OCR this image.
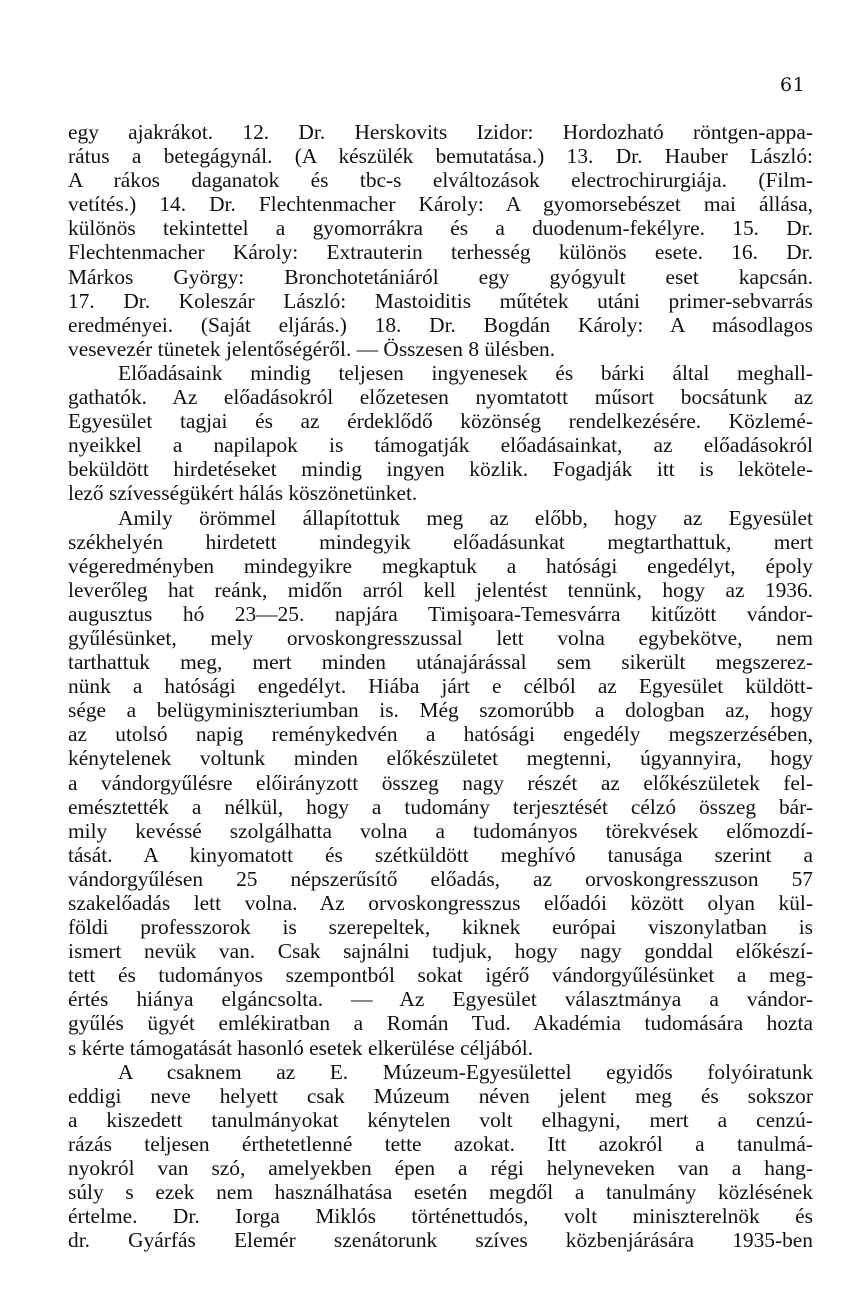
61
egy ajakrákot. 12. Dr. Herskovits Izidor: Hordozható röntgen-appa-
rátus a betegágynál. (A készülék bemutatása.) 13. Dr. Hauber László:
A rákos daganatok és tbc-s elváltozások electrochirurgiája. (Film-
vetítés.) 14. Dr. Flechtenmacher Károly: A gyomorsebészet mai állása,
különös tekintettel a gyomorrákra és a duodenum-fekélyre. 15. Dr.
Flechtenmacher Károly: Extrauterin terhesség különös esete. 16. Dr.
Márkos György: Bronchotetániáról egy gyógyult eset kapcsán.
17. Dr. Koleszár László: Mastoiditis műtétek utáni primer-sebvarrás
eredményei. (Saját eljárás.) 18. Dr. Bogdán Károly: A másodlagos
vesevezér tünetek jelentőségéről. — Összesen 8 ülésben.
Előadásaink mindig teljesen ingyenesek és bárki által meghall-
gathatók. Az előadásokról előzetesen nyomtatott műsort bocsátunk az
Egyesület tagjai és az érdeklődő közönség rendelkezésére. Közlemé-
nyeikkel a napilapok is támogatják előadásainkat, az előadásokról
beküldött hirdetéseket mindig ingyen közlik. Fogadják itt is lekötele-
lező szívességükért hálás köszönetünket.
Amily örömmel állapítottuk meg az előbb, hogy az Egyesület
székhelyén hirdetett mindegyik előadásunkat megtarthattuk, mert
végeredményben mindegyikre megkaptuk a hatósági engedélyt, époly
leverőleg hat reánk, midőn arról kell jelentést tennünk, hogy az 1936.
augusztus hó 23—25. napjára Timişoara-Temesvárra kitűzött vándor-
gyűlésünket, mely orvoskongresszussal lett volna egybekötve, nem
tarthattuk meg, mert minden utánajárással sem sikerült megszerez-
nünk a hatósági engedélyt. Hiába járt e célból az Egyesület küldött-
sége a belügyminiszteriumban is. Még szomorúbb a dologban az, hogy
az utolsó napig reménykedvén a hatósági engedély megszerzésében,
kénytelenek voltunk minden előkészületet megtenni, úgyannyira, hogy
a vándorgyűlésre előirányzott összeg nagy részét az előkészületek fel-
emésztették a nélkül, hogy a tudomány terjesztését célzó összeg bár-
mily kevéssé szolgálhatta volna a tudományos törekvések előmozdí-
tását. A kinyomatott és szétküldött meghívó tanusága szerint a
vándorgyűlésen 25 népszerűsítő előadás, az orvoskongresszuson 57
szakelőadás lett volna. Az orvoskongresszus előadói között olyan kül-
földi professzorok is szerepeltek, kiknek európai viszonylatban is
ismert nevük van. Csak sajnálni tudjuk, hogy nagy gonddal előkészí-
tett és tudományos szempontból sokat igérő vándorgyűlésünket a meg-
értés hiánya elgáncsolta. — Az Egyesület választmánya a vándor-
gyűlés ügyét emlékiratban a Román Tud. Akadémia tudomására hozta
s kérte támogatását hasonló esetek elkerülése céljából.
A csaknem az E. Múzeum-Egyesülettel egyidős folyóiratunk
eddigi neve helyett csak Múzeum néven jelent meg és sokszor
a kiszedett tanulmányokat kénytelen volt elhagyni, mert a cenzú-
rázás teljesen érthetetlenné tette azokat. Itt azokról a tanulmá-
nyokról van szó, amelyekben épen a régi helyneveken van a hang-
súly s ezek nem használhatása esetén megdől a tanulmány közlésének
értelme. Dr. Iorga Miklós történettudós, volt miniszterelnök és
dr. Gyárfás Elemér szenátorunk szíves közbenjárására 1935-ben
